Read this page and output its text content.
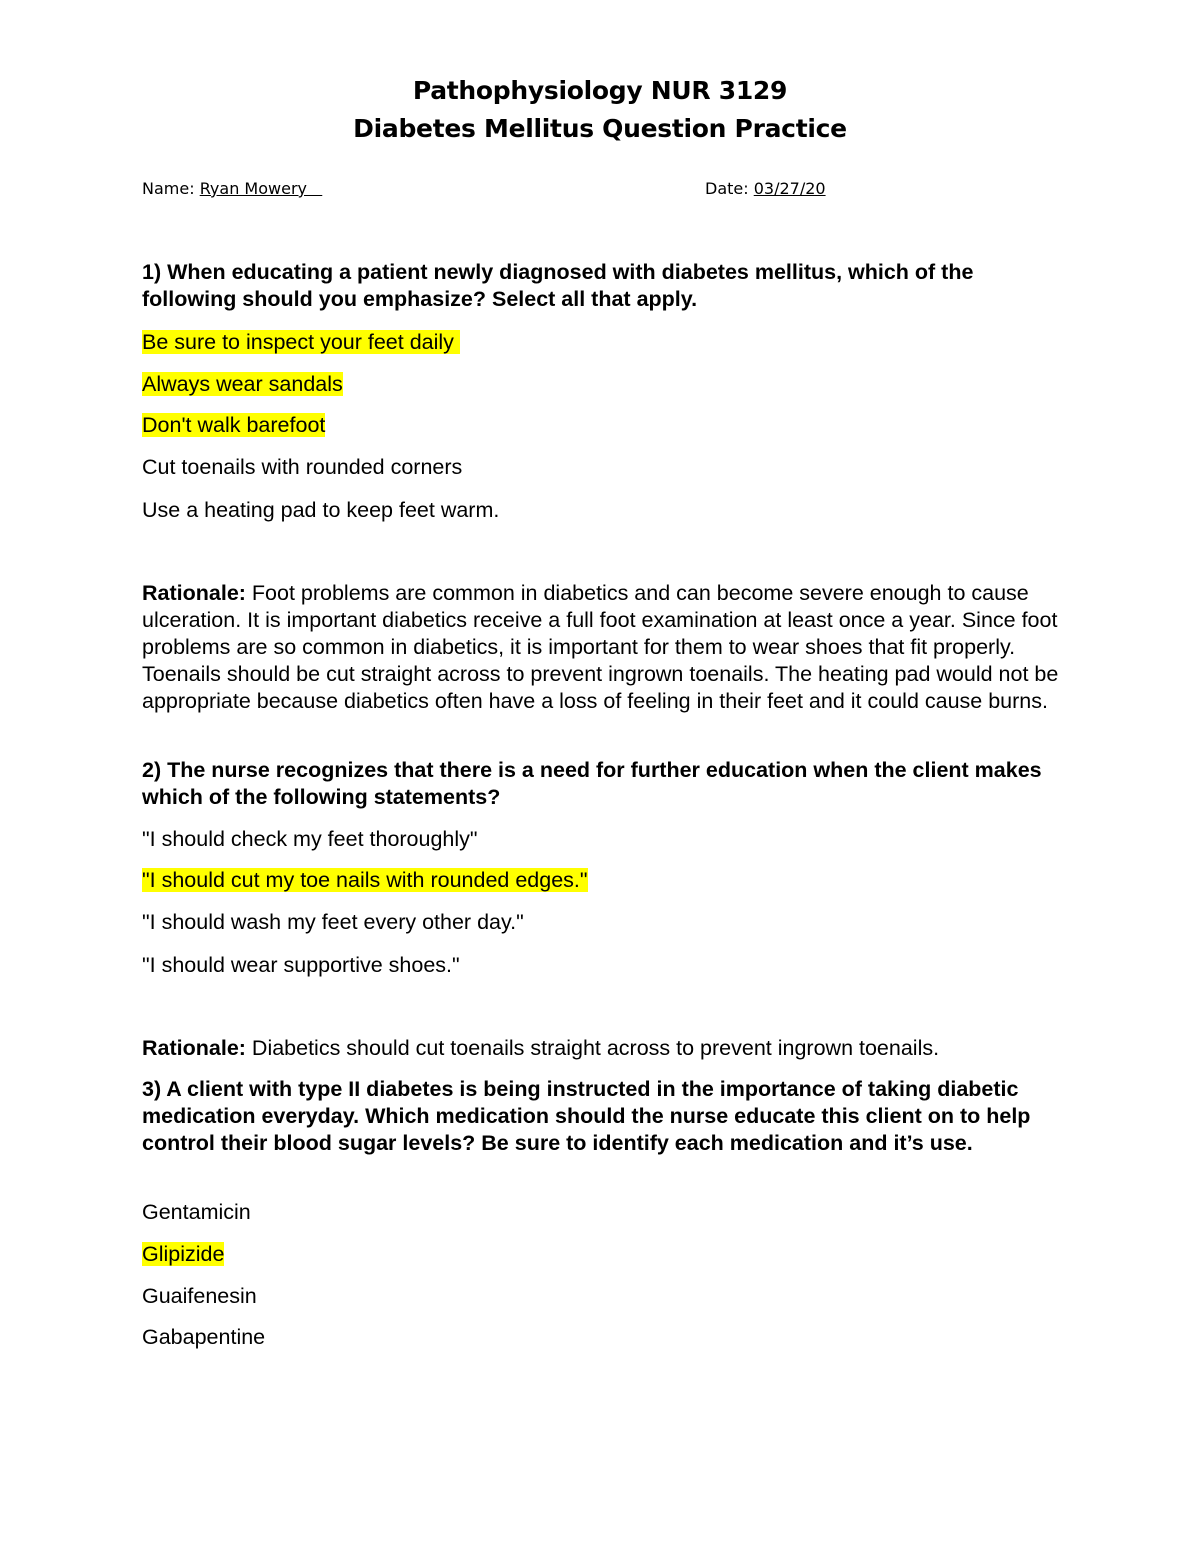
Pathophysiology NUR 3129
Diabetes Mellitus Question Practice
Name: Ryan Mowery	Date: 03/27/20
1) When educating a patient newly diagnosed with diabetes mellitus, which of the following should you emphasize? Select all that apply.
Be sure to inspect your feet daily
Always wear sandals
Don't walk barefoot
Cut toenails with rounded corners
Use a heating pad to keep feet warm.
Rationale: Foot problems are common in diabetics and can become severe enough to cause ulceration. It is important diabetics receive a full foot examination at least once a year. Since foot problems are so common in diabetics, it is important for them to wear shoes that fit properly. Toenails should be cut straight across to prevent ingrown toenails. The heating pad would not be appropriate because diabetics often have a loss of feeling in their feet and it could cause burns.
2) The nurse recognizes that there is a need for further education when the client makes which of the following statements?
"I should check my feet thoroughly"
"I should cut my toe nails with rounded edges."
"I should wash my feet every other day."
"I should wear supportive shoes."
Rationale: Diabetics should cut toenails straight across to prevent ingrown toenails.
3) A client with type II diabetes is being instructed in the importance of taking diabetic medication everyday. Which medication should the nurse educate this client on to help control their blood sugar levels? Be sure to identify each medication and it’s use.
Gentamicin
Glipizide
Guaifenesin
Gabapentine
